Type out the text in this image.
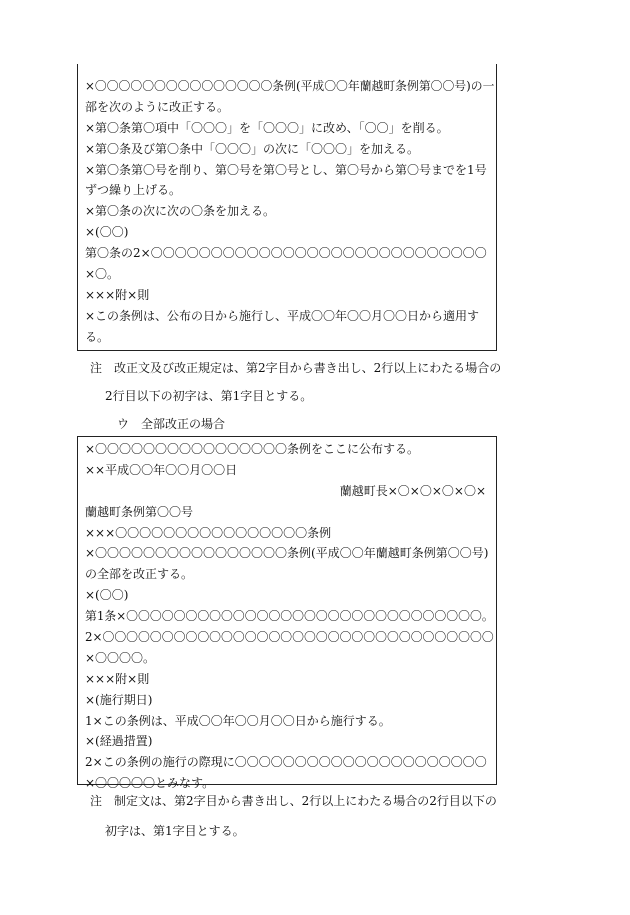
×〇〇〇〇〇〇〇〇〇〇〇〇〇〇〇条例(平成〇〇年蘭越町条例第〇〇号)の一
部を次のように改正する。
×第〇条第〇項中「〇〇〇」を「〇〇〇」に改め、「〇〇」を削る。
×第〇条及び第〇条中「〇〇〇」の次に「〇〇〇」を加える。
×第〇条第〇号を削り、第〇号を第〇号とし、第〇号から第〇号までを1号
ずつ繰り上げる。
×第〇条の次に次の〇条を加える。
×(〇〇)
第〇条の2×〇〇〇〇〇〇〇〇〇〇〇〇〇〇〇〇〇〇〇〇〇〇〇〇〇〇〇〇
×〇。
×××附×則
×この条例は、公布の日から施行し、平成〇〇年〇〇月〇〇日から適用す
る。
注　改正文及び改正規定は、第2字目から書き出し、2行以上にわたる場合の
2行目以下の初字は、第1字目とする。
ウ　全部改正の場合
×〇〇〇〇〇〇〇〇〇〇〇〇〇〇〇〇条例をここに公布する。
××平成〇〇年〇〇月〇〇日
蘭越町長×〇×〇×〇×〇×
蘭越町条例第〇〇号
×××〇〇〇〇〇〇〇〇〇〇〇〇〇〇〇〇条例
×〇〇〇〇〇〇〇〇〇〇〇〇〇〇〇〇条例(平成〇〇年蘭越町条例第〇〇号)
の全部を改正する。
×(〇〇)
第1条×〇〇〇〇〇〇〇〇〇〇〇〇〇〇〇〇〇〇〇〇〇〇〇〇〇〇〇〇〇〇。
2×〇〇〇〇〇〇〇〇〇〇〇〇〇〇〇〇〇〇〇〇〇〇〇〇〇〇〇〇〇〇〇〇〇
×〇〇〇〇。
×××附×則
×(施行期日)
1×この条例は、平成〇〇年〇〇月〇〇日から施行する。
×(経過措置)
2×この条例の施行の際現に〇〇〇〇〇〇〇〇〇〇〇〇〇〇〇〇〇〇〇〇〇
×〇〇〇〇〇とみなす。
注　制定文は、第2字目から書き出し、2行以上にわたる場合の2行目以下の
初字は、第1字目とする。
